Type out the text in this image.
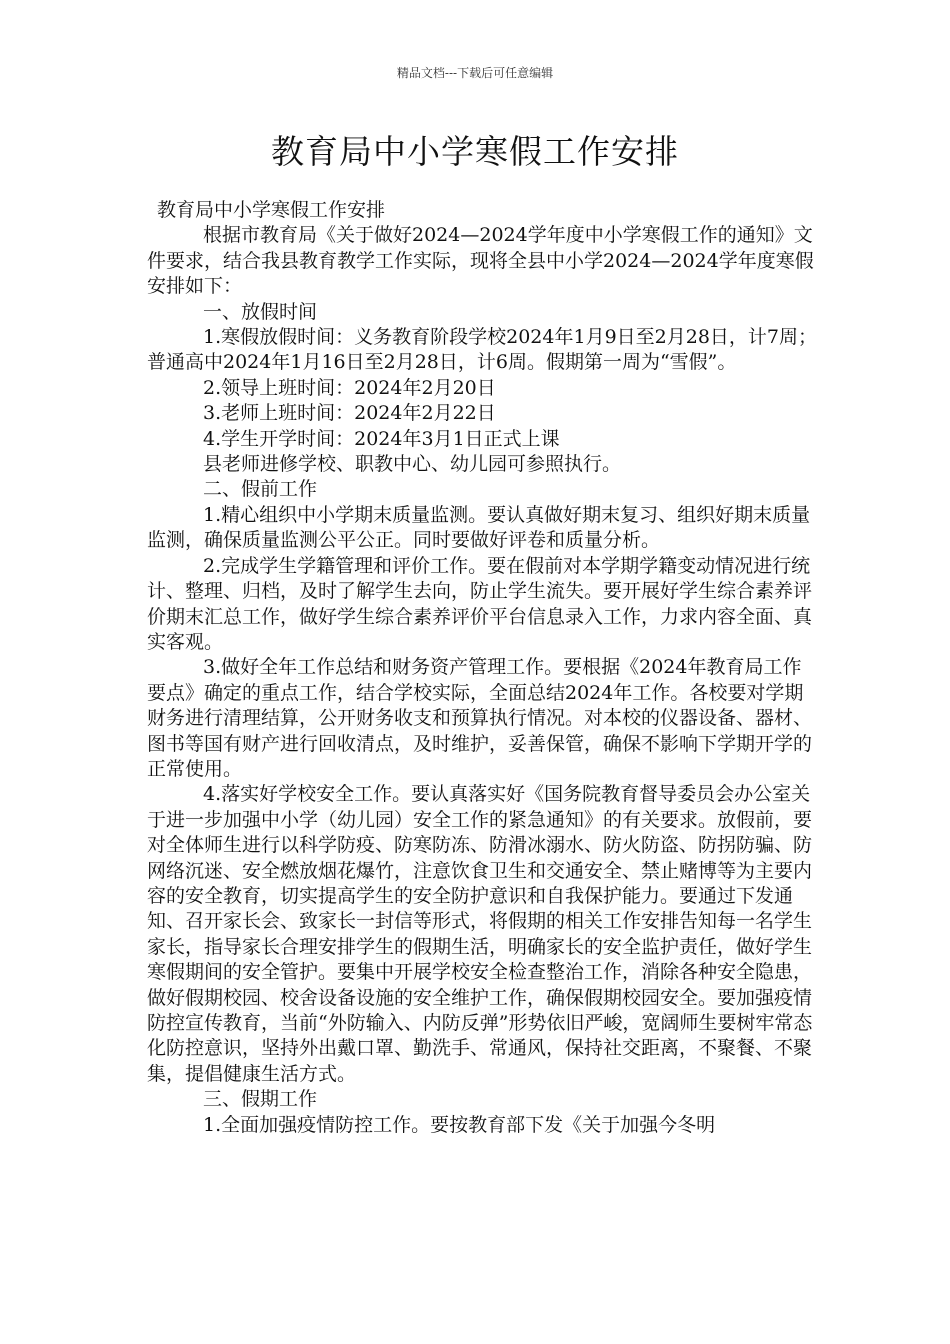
精品文档---下载后可任意编辑
教育局中小学寒假工作安排

教育局中小学寒假工作安排

根据市教育局《关于做好2024—2024学年度中小学寒假工作的通知》文件要求，结合我县教育教学工作实际，现将全县中小学2024—2024学年度寒假安排如下：

一、放假时间

1.寒假放假时间：义务教育阶段学校2024年1月9日至2月28日，计7周；普通高中2024年1月16日至2月28日，计6周。假期第一周为“雪假”。

2.领导上班时间：2024年2月20日

3.老师上班时间：2024年2月22日

4.学生开学时间：2024年3月1日正式上课

县老师进修学校、职教中心、幼儿园可参照执行。

二、假前工作

1.精心组织中小学期末质量监测。要认真做好期末复习、组织好期末质量监测，确保质量监测公平公正。同时要做好评卷和质量分析。

2.完成学生学籍管理和评价工作。要在假前对本学期学籍变动情况进行统计、整理、归档，及时了解学生去向，防止学生流失。要开展好学生综合素养评价期末汇总工作，做好学生综合素养评价平台信息录入工作，力求内容全面、真实客观。

3.做好全年工作总结和财务资产管理工作。要根据《2024年教育局工作要点》确定的重点工作，结合学校实际，全面总结2024年工作。各校要对学期财务进行清理结算，公开财务收支和预算执行情况。对本校的仪器设备、器材、图书等国有财产进行回收清点，及时维护，妥善保管，确保不影响下学期开学的正常使用。

4.落实好学校安全工作。要认真落实好《国务院教育督导委员会办公室关于进一步加强中小学（幼儿园）安全工作的紧急通知》的有关要求。放假前，要对全体师生进行以科学防疫、防寒防冻、防滑冰溺水、防火防盗、防拐防骗、防网络沉迷、安全燃放烟花爆竹，注意饮食卫生和交通安全、禁止赌博等为主要内容的安全教育，切实提高学生的安全防护意识和自我保护能力。要通过下发通知、召开家长会、致家长一封信等形式，将假期的相关工作安排告知每一名学生家长，指导家长合理安排学生的假期生活，明确家长的安全监护责任，做好学生寒假期间的安全管护。要集中开展学校安全检查整治工作，消除各种安全隐患，做好假期校园、校舍设备设施的安全维护工作，确保假期校园安全。要加强疫情防控宣传教育，当前“外防输入、内防反弹”形势依旧严峻，宽阔师生要树牢常态化防控意识，坚持外出戴口罩、勤洗手、常通风，保持社交距离，不聚餐、不聚集，提倡健康生活方式。

三、假期工作

1.全面加强疫情防控工作。要按教育部下发《关于加强今冬明
